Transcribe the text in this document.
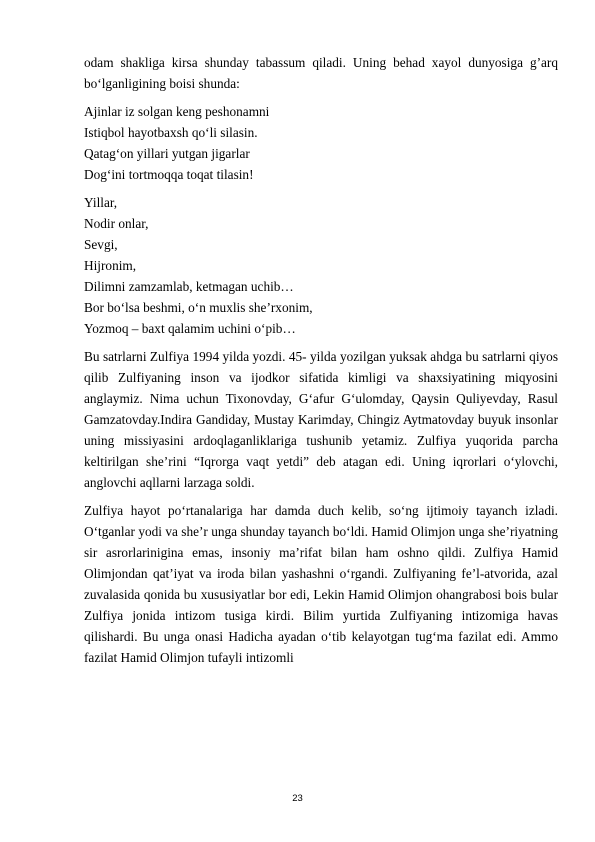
odam shakliga kirsa shunday tabassum qiladi. Uning behad xayol dunyosiga g’arq bo‘lganligining boisi shunda:

Ajinlar iz solgan keng peshonamni
Istiqbol hayotbaxsh qo‘li silasin.
Qatag‘on yillari yutgan jigarlar
Dog‘ini tortmoqqa toqat tilasin!
Yillar,
Nodir onlar,
Sevgi,
Hijronim,
Dilimni zamzamlab, ketmagan uchib…
Bor bo‘lsa beshmi, o‘n muxlis she’rxonim,
Yozmoq – baxt qalamim uchini o‘pib…

Bu satrlarni Zulfiya 1994 yilda yozdi. 45- yilda yozilgan yuksak ahdga bu satrlarni qiyos qilib Zulfiyaning inson va ijodkor sifatida kimligi va shaxsiyatining miqyosini anglaymiz. Nima uchun Tixonovday, G‘afur G‘ulomday, Qaysin Quliyevday, Rasul Gamzatovday.Indira Gandiday, Mustay Karimday, Chingiz Aytmatovday buyuk insonlar uning missiyasini ardoqlaganliklariga tushunib yetamiz. Zulfiya yuqorida parcha keltirilgan she’rini “Iqrorga vaqt yetdi” deb atagan edi. Uning iqrorlari o‘ylovchi, anglovchi aqllarni larzaga soldi.

Zulfiya hayot po‘rtanalariga har damda duch kelib, so‘ng ijtimoiy tayanch izladi. O‘tganlar yodi va she’r unga shunday tayanch bo‘ldi. Hamid Olimjon unga she’riyatning sir asrorlarinigina emas, insoniy ma’rifat bilan ham oshno qildi. Zulfiya Hamid Olimjondan qat’iyat va iroda bilan yashashni o‘rgandi. Zulfiyaning fe’l-atvorida, azal zuvalasida qonida bu xususiyatlar bor edi, Lekin Hamid Olimjon ohangrabosi bois bular Zulfiya jonida intizom tusiga kirdi. Bilim yurtida Zulfiyaning intizomiga havas qilishardi. Bu unga onasi Hadicha ayadan o‘tib kelayotgan tug‘ma fazilat edi. Ammo fazilat Hamid Olimjon tufayli intizomli

23
